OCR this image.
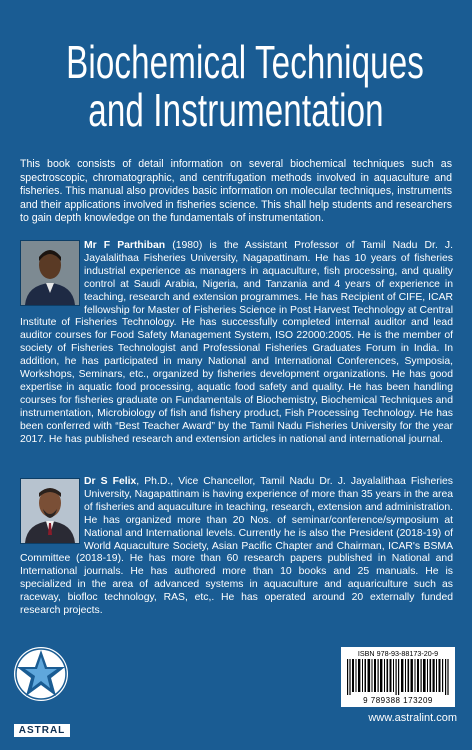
Biochemical Techniques
and Instrumentation

This book consists of detail information on several biochemical techniques such as spectroscopic, chromatographic, and centrifugation methods involved in aquaculture and fisheries. This manual also provides basic information on molecular techniques, instruments and their applications involved in fisheries science. This shall help students and researchers to gain depth knowledge on the fundamentals of instrumentation.

Mr F Parthiban (1980) is the Assistant Professor of Tamil Nadu Dr. J. Jayalalithaa Fisheries University, Nagapattinam. He has 10 years of fisheries industrial experience as managers in aquaculture, fish processing, and quality control at Saudi Arabia, Nigeria, and Tanzania and 4 years of experience in teaching, research and extension programmes. He has Recipient of CIFE, ICAR fellowship for Master of Fisheries Science in Post Harvest Technology at Central Institute of Fisheries Technology. He has successfully completed internal auditor and lead auditor courses for Food Safety Management System, ISO 22000:2005. He is the member of society of Fisheries Technologist and Professional Fisheries Graduates Forum in India. In addition, he has participated in many National and International Conferences, Symposia, Workshops, Seminars, etc., organized by fisheries development organizations. He has good expertise in aquatic food processing, aquatic food safety and quality. He has been handling courses for fisheries graduate on Fundamentals of Biochemistry, Biochemical Techniques and instrumentation, Microbiology of fish and fishery product, Fish Processing Technology. He has been conferred with “Best Teacher Award” by the Tamil Nadu Fisheries University for the year 2017. He has published research and extension articles in national and international journal.

Dr S Felix, Ph.D., Vice Chancellor, Tamil Nadu Dr. J. Jayalalithaa Fisheries University, Nagapattinam is having experience of more than 35 years in the area of fisheries and aquaculture in teaching, research, extension and administration. He has organized more than 20 Nos. of seminar/conference/symposium at National and International levels. Currently he is also the President (2018-19) of World Aquaculture Society, Asian Pacific Chapter and Chairman, ICAR's BSMA Committee (2018-19). He has more than 60 research papers published in National and International journals. He has authored more than 10 books and 25 manuals. He is specialized in the area of advanced systems in aquaculture and aquariculture such as raceway, biofloc technology, RAS, etc,. He has operated around 20 externally funded research projects.

ASTRAL
ISBN 978-93-88173-20-9
9 789388 173209
www.astralint.com
